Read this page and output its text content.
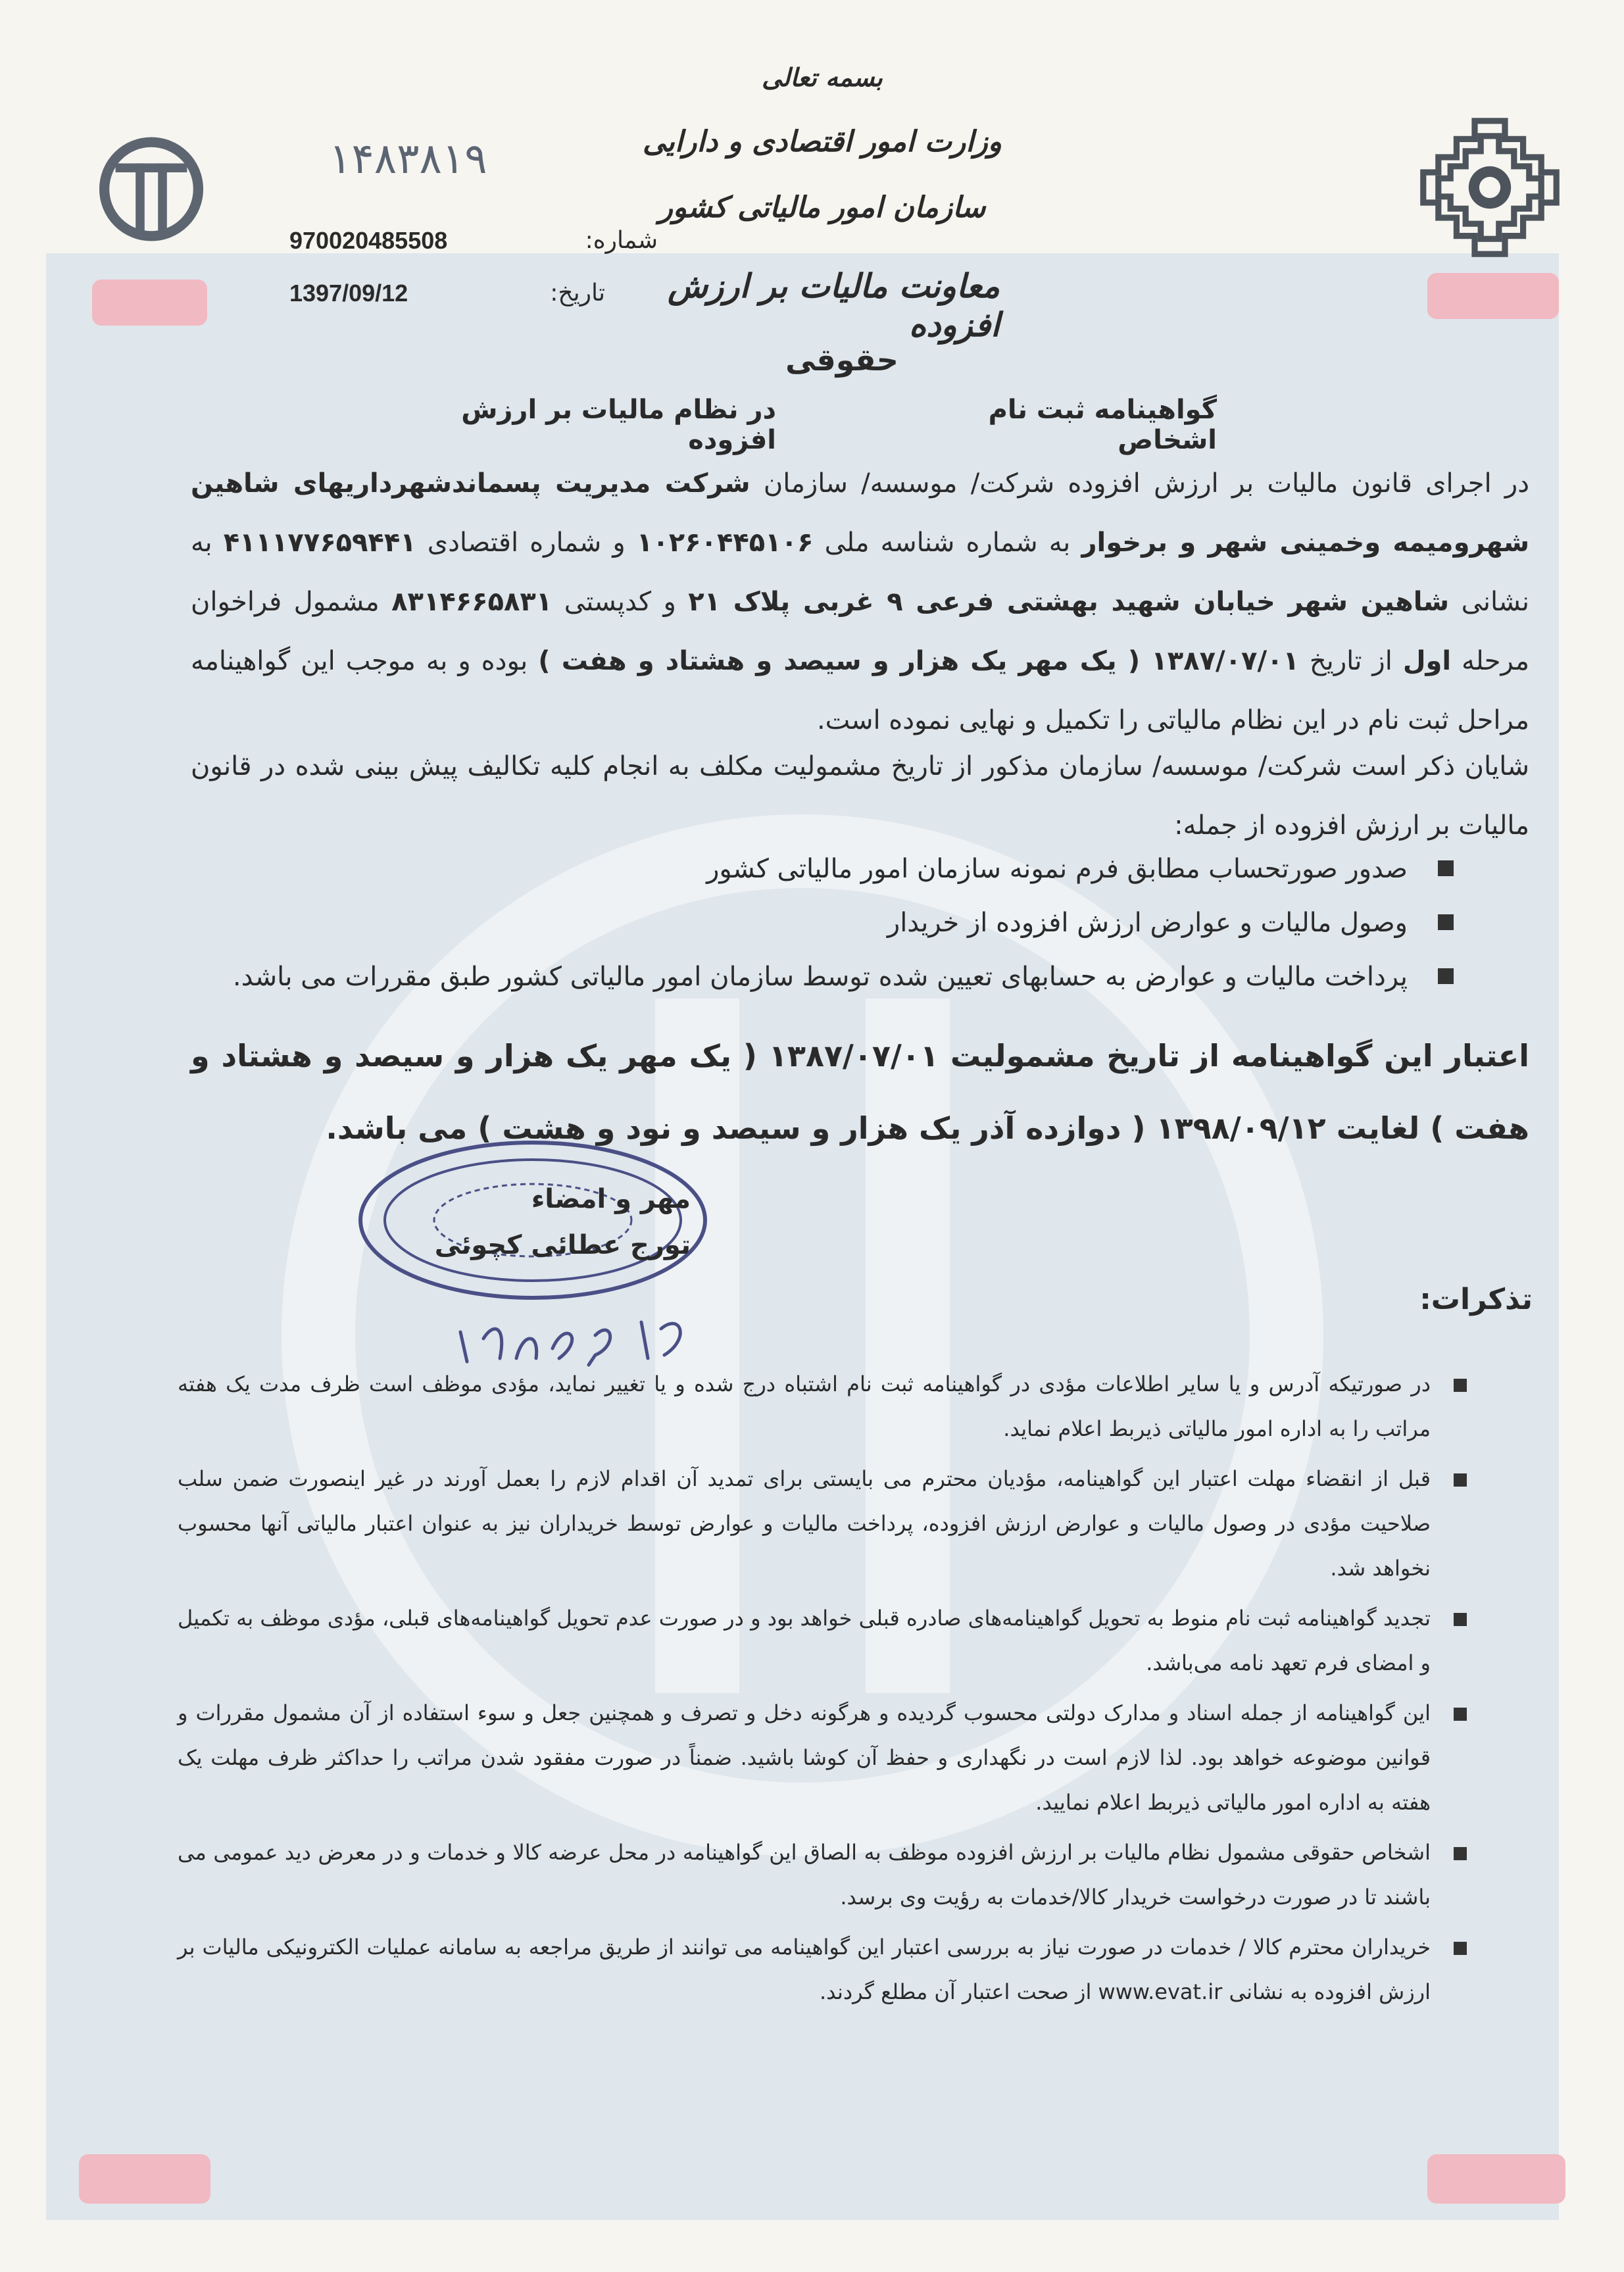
۱۴۸۳۸۱۹
بسمه تعالی
وزارت امور اقتصادی و دارایی
سازمان امور مالیاتی کشور
شماره:
970020485508
معاونت مالیات بر ارزش افزوده
تاریخ:
1397/09/12
حقوقی
گواهینامه ثبت نام اشخاص
در نظام مالیات بر ارزش افزوده
در اجرای قانون مالیات بر ارزش افزوده شرکت/ موسسه/ سازمان شرکت مدیریت پسماندشهرداریهای شاهین شهرومیمه وخمینی شهر و برخوار به شماره شناسه ملی ۱۰۲۶۰۴۴۵۱۰۶ و شماره اقتصادی ۴۱۱۱۷۷۶۵۹۴۴۱ به نشانی شاهین شهر خیابان شهید بهشتی فرعی ۹ غربی پلاک ۲۱ و کدپستی ۸۳۱۴۶۶۵۸۳۱ مشمول فراخوان مرحله اول از تاریخ ۱۳۸۷/۰۷/۰۱ ( یک مهر یک هزار و سیصد و هشتاد و هفت ) بوده و به موجب این گواهینامه مراحل ثبت نام در این نظام مالیاتی را تکمیل و نهایی نموده است.
شایان ذکر است شرکت/ موسسه/ سازمان مذکور از تاریخ مشمولیت مکلف به انجام کلیه تکالیف پیش بینی شده در قانون مالیات بر ارزش افزوده از جمله:
صدور صورتحساب مطابق فرم نمونه سازمان امور مالیاتی کشور
وصول مالیات و عوارض ارزش افزوده از خریدار
پرداخت مالیات و عوارض به حسابهای تعیین شده توسط سازمان امور مالیاتی کشور طبق مقررات می باشد.
اعتبار این گواهینامه از تاریخ مشمولیت ۱۳۸۷/۰۷/۰۱ ( یک مهر یک هزار و سیصد و هشتاد و هفت ) لغایت ۱۳۹۸/۰۹/۱۲ ( دوازده آذر یک هزار و سیصد و نود و هشت ) می باشد.
مهر و امضاء
تورج عطائی کچوئی
تذکرات:
در صورتیکه آدرس و یا سایر اطلاعات مؤدی در گواهینامه ثبت نام اشتباه درج شده و یا تغییر نماید، مؤدی موظف است ظرف مدت یک هفته مراتب را به اداره امور مالیاتی ذیربط اعلام نماید.
قبل از انقضاء مهلت اعتبار این گواهینامه، مؤدیان محترم می بایستی برای تمدید آن اقدام لازم را بعمل آورند در غیر اینصورت ضمن سلب صلاحیت مؤدی در وصول مالیات و عوارض ارزش افزوده، پرداخت مالیات و عوارض توسط خریداران نیز به عنوان اعتبار مالیاتی آنها محسوب نخواهد شد.
تجدید گواهینامه ثبت نام منوط به تحویل گواهینامه‌های صادره قبلی خواهد بود و در صورت عدم تحویل گواهینامه‌های قبلی، مؤدی موظف به تکمیل و امضای فرم تعهد نامه می‌باشد.
این گواهینامه از جمله اسناد و مدارک دولتی محسوب گردیده و هرگونه دخل و تصرف و همچنین جعل و سوء استفاده از آن مشمول مقررات و قوانین موضوعه خواهد بود. لذا لازم است در نگهداری و حفظ آن کوشا باشید. ضمناً در صورت مفقود شدن مراتب را حداکثر ظرف مهلت یک هفته به اداره امور مالیاتی ذیربط اعلام نمایید.
اشخاص حقوقی مشمول نظام مالیات بر ارزش افزوده موظف به الصاق این گواهینامه در محل عرضه کالا و خدمات و در معرض دید عمومی می باشند تا در صورت درخواست خریدار کالا/خدمات به رؤیت وی برسد.
خریداران محترم کالا / خدمات در صورت نیاز به بررسی اعتبار این گواهینامه می توانند از طریق مراجعه به سامانه عملیات الکترونیکی مالیات بر ارزش افزوده به نشانی www.evat.ir از صحت اعتبار آن مطلع گردند.
